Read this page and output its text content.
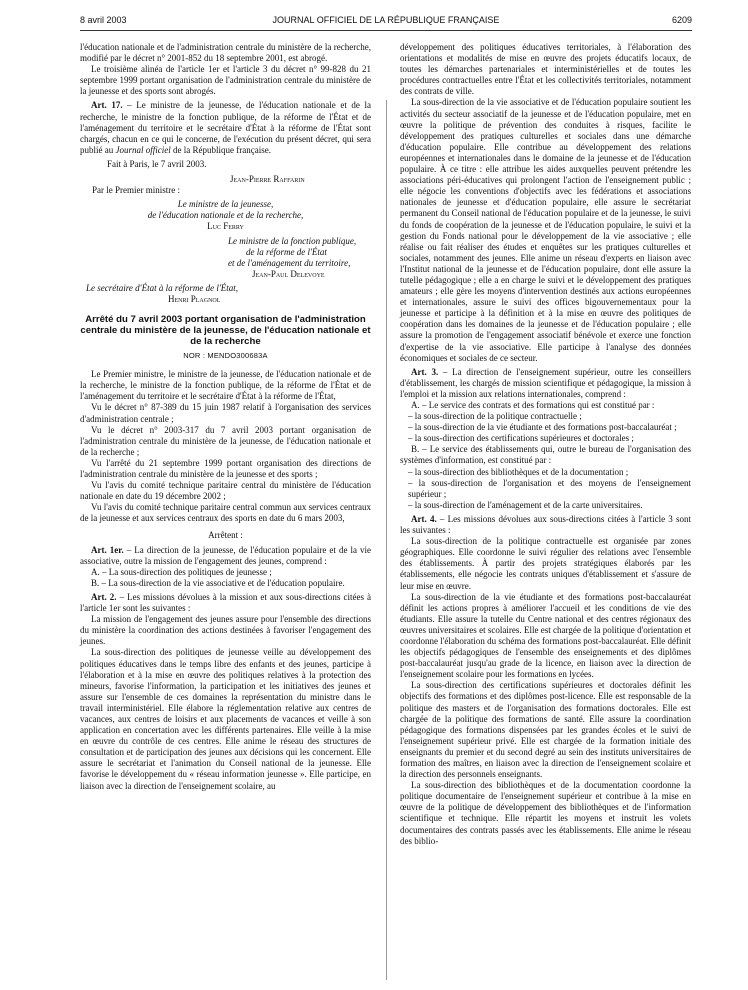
8 avril 2003	JOURNAL OFFICIEL DE LA RÉPUBLIQUE FRANÇAISE	6209

l'éducation nationale et de l'administration centrale du ministère de la recherche, modifié par le décret n° 2001-852 du 18 septembre 2001, est abrogé.

Le troisième alinéa de l'article 1er et l'article 3 du décret n° 99-828 du 21 septembre 1999 portant organisation de l'administration centrale du ministère de la jeunesse et des sports sont abrogés.

Art. 17. – Le ministre de la jeunesse, de l'éducation nationale et de la recherche, le ministre de la fonction publique, de la réforme de l'État et de l'aménagement du territoire et le secrétaire d'État à la réforme de l'État sont chargés, chacun en ce qui le concerne, de l'exécution du présent décret, qui sera publié au Journal officiel de la République française.

Fait à Paris, le 7 avril 2003.

Jean-Pierre Raffarin

Par le Premier ministre :

Le ministre de la jeunesse,

de l'éducation nationale et de la recherche,

Luc Ferry

Le ministre de la fonction publique,

de la réforme de l'État

et de l'aménagement du territoire,

Jean-Paul Delevoye

Le secrétaire d'État à la réforme de l'État,

Henri Plagnol

Arrêté du 7 avril 2003 portant organisation de l'administration centrale du ministère de la jeunesse, de l'éducation nationale et de la recherche
NOR : MENDO300683A

Le Premier ministre, le ministre de la jeunesse, de l'éducation nationale et de la recherche, le ministre de la fonction publique, de la réforme de l'État et de l'aménagement du territoire et le secrétaire d'État à la réforme de l'État,

Vu le décret n° 87-389 du 15 juin 1987 relatif à l'organisation des services d'administration centrale ;

Vu le décret n° 2003-317 du 7 avril 2003 portant organisation de l'administration centrale du ministère de la jeunesse, de l'éducation nationale et de la recherche ;

Vu l'arrêté du 21 septembre 1999 portant organisation des directions de l'administration centrale du ministère de la jeunesse et des sports ;

Vu l'avis du comité technique paritaire central du ministère de l'éducation nationale en date du 19 décembre 2002 ;

Vu l'avis du comité technique paritaire central commun aux services centraux de la jeunesse et aux services centraux des sports en date du 6 mars 2003,

Arrêtent :

Art. 1er. – La direction de la jeunesse, de l'éducation populaire et de la vie associative, outre la mission de l'engagement des jeunes, comprend :

A. – La sous-direction des politiques de jeunesse ;

B. – La sous-direction de la vie associative et de l'éducation populaire.

Art. 2. – Les missions dévolues à la mission et aux sous-directions citées à l'article 1er sont les suivantes :

La mission de l'engagement des jeunes assure pour l'ensemble des directions du ministère la coordination des actions destinées à favoriser l'engagement des jeunes.

La sous-direction des politiques de jeunesse veille au développement des politiques éducatives dans le temps libre des enfants et des jeunes, participe à l'élaboration et à la mise en œuvre des politiques relatives à la protection des mineurs, favorise l'information, la participation et les initiatives des jeunes et assure sur l'ensemble de ces domaines la représentation du ministre dans le travail interministériel. Elle élabore la réglementation relative aux centres de vacances, aux centres de loisirs et aux placements de vacances et veille à son application en concertation avec les différents partenaires. Elle veille à la mise en œuvre du contrôle de ces centres. Elle anime le réseau des structures de consultation et de participation des jeunes aux décisions qui les concernent. Elle assure le secrétariat et l'animation du Conseil national de la jeunesse. Elle favorise le développement du « réseau information jeunesse ». Elle participe, en liaison avec la direction de l'enseignement scolaire, au

développement des politiques éducatives territoriales, à l'élaboration des orientations et modalités de mise en œuvre des projets éducatifs locaux, de toutes les démarches partenariales et interministérielles et de toutes les procédures contractuelles entre l'État et les collectivités territoriales, notamment des contrats de ville.

La sous-direction de la vie associative et de l'éducation populaire soutient les activités du secteur associatif de la jeunesse et de l'éducation populaire, met en œuvre la politique de prévention des conduites à risques, facilite le développement des pratiques culturelles et sociales dans une démarche d'éducation populaire. Elle contribue au développement des relations européennes et internationales dans le domaine de la jeunesse et de l'éducation populaire. À ce titre : elle attribue les aides auxquelles peuvent prétendre les associations péri-éducatives qui prolongent l'action de l'enseignement public ; elle négocie les conventions d'objectifs avec les fédérations et associations nationales de jeunesse et d'éducation populaire, elle assure le secrétariat permanent du Conseil national de l'éducation populaire et de la jeunesse, le suivi du fonds de coopération de la jeunesse et de l'éducation populaire, le suivi et la gestion du Fonds national pour le développement de la vie associative ; elle réalise ou fait réaliser des études et enquêtes sur les pratiques culturelles et sociales, notamment des jeunes. Elle anime un réseau d'experts en liaison avec l'Institut national de la jeunesse et de l'éducation populaire, dont elle assure la tutelle pédagogique ; elle a en charge le suivi et le développement des pratiques amateurs ; elle gère les moyens d'intervention destinés aux actions européennes et internationales, assure le suivi des offices bigouvernementaux pour la jeunesse et participe à la définition et à la mise en œuvre des politiques de coopération dans les domaines de la jeunesse et de l'éducation populaire ; elle assure la promotion de l'engagement associatif bénévole et exerce une fonction d'expertise de la vie associative. Elle participe à l'analyse des données économiques et sociales de ce secteur.

Art. 3. – La direction de l'enseignement supérieur, outre les conseillers d'établissement, les chargés de mission scientifique et pédagogique, la mission à l'emploi et la mission aux relations internationales, comprend :

A. – Le service des contrats et des formations qui est constitué par :

– la sous-direction de la politique contractuelle ;

– la sous-direction de la vie étudiante et des formations post-baccalauréat ;

– la sous-direction des certifications supérieures et doctorales ;

B. – Le service des établissements qui, outre le bureau de l'organisation des systèmes d'information, est constitué par :

– la sous-direction des bibliothèques et de la documentation ;

– la sous-direction de l'organisation et des moyens de l'enseignement supérieur ;

– la sous-direction de l'aménagement et de la carte universitaires.

Art. 4. – Les missions dévolues aux sous-directions citées à l'article 3 sont les suivantes :

La sous-direction de la politique contractuelle est organisée par zones géographiques. Elle coordonne le suivi régulier des relations avec l'ensemble des établissements. À partir des projets stratégiques élaborés par les établissements, elle négocie les contrats uniques d'établissement et s'assure de leur mise en œuvre.

La sous-direction de la vie étudiante et des formations post-baccalauréat définit les actions propres à améliorer l'accueil et les conditions de vie des étudiants. Elle assure la tutelle du Centre national et des centres régionaux des œuvres universitaires et scolaires. Elle est chargée de la politique d'orientation et coordonne l'élaboration du schéma des formations post-baccalauréat. Elle définit les objectifs pédagogiques de l'ensemble des enseignements et des diplômes post-baccalauréat jusqu'au grade de la licence, en liaison avec la direction de l'enseignement scolaire pour les formations en lycées.

La sous-direction des certifications supérieures et doctorales définit les objectifs des formations et des diplômes post-licence. Elle est responsable de la politique des masters et de l'organisation des formations doctorales. Elle est chargée de la politique des formations de santé. Elle assure la coordination pédagogique des formations dispensées par les grandes écoles et le suivi de l'enseignement supérieur privé. Elle est chargée de la formation initiale des enseignants du premier et du second degré au sein des instituts universitaires de formation des maîtres, en liaison avec la direction de l'enseignement scolaire et la direction des personnels enseignants.

La sous-direction des bibliothèques et de la documentation coordonne la politique documentaire de l'enseignement supérieur et contribue à la mise en œuvre de la politique de développement des bibliothèques et de l'information scientifique et technique. Elle répartit les moyens et instruit les volets documentaires des contrats passés avec les établissements. Elle anime le réseau des biblio-
